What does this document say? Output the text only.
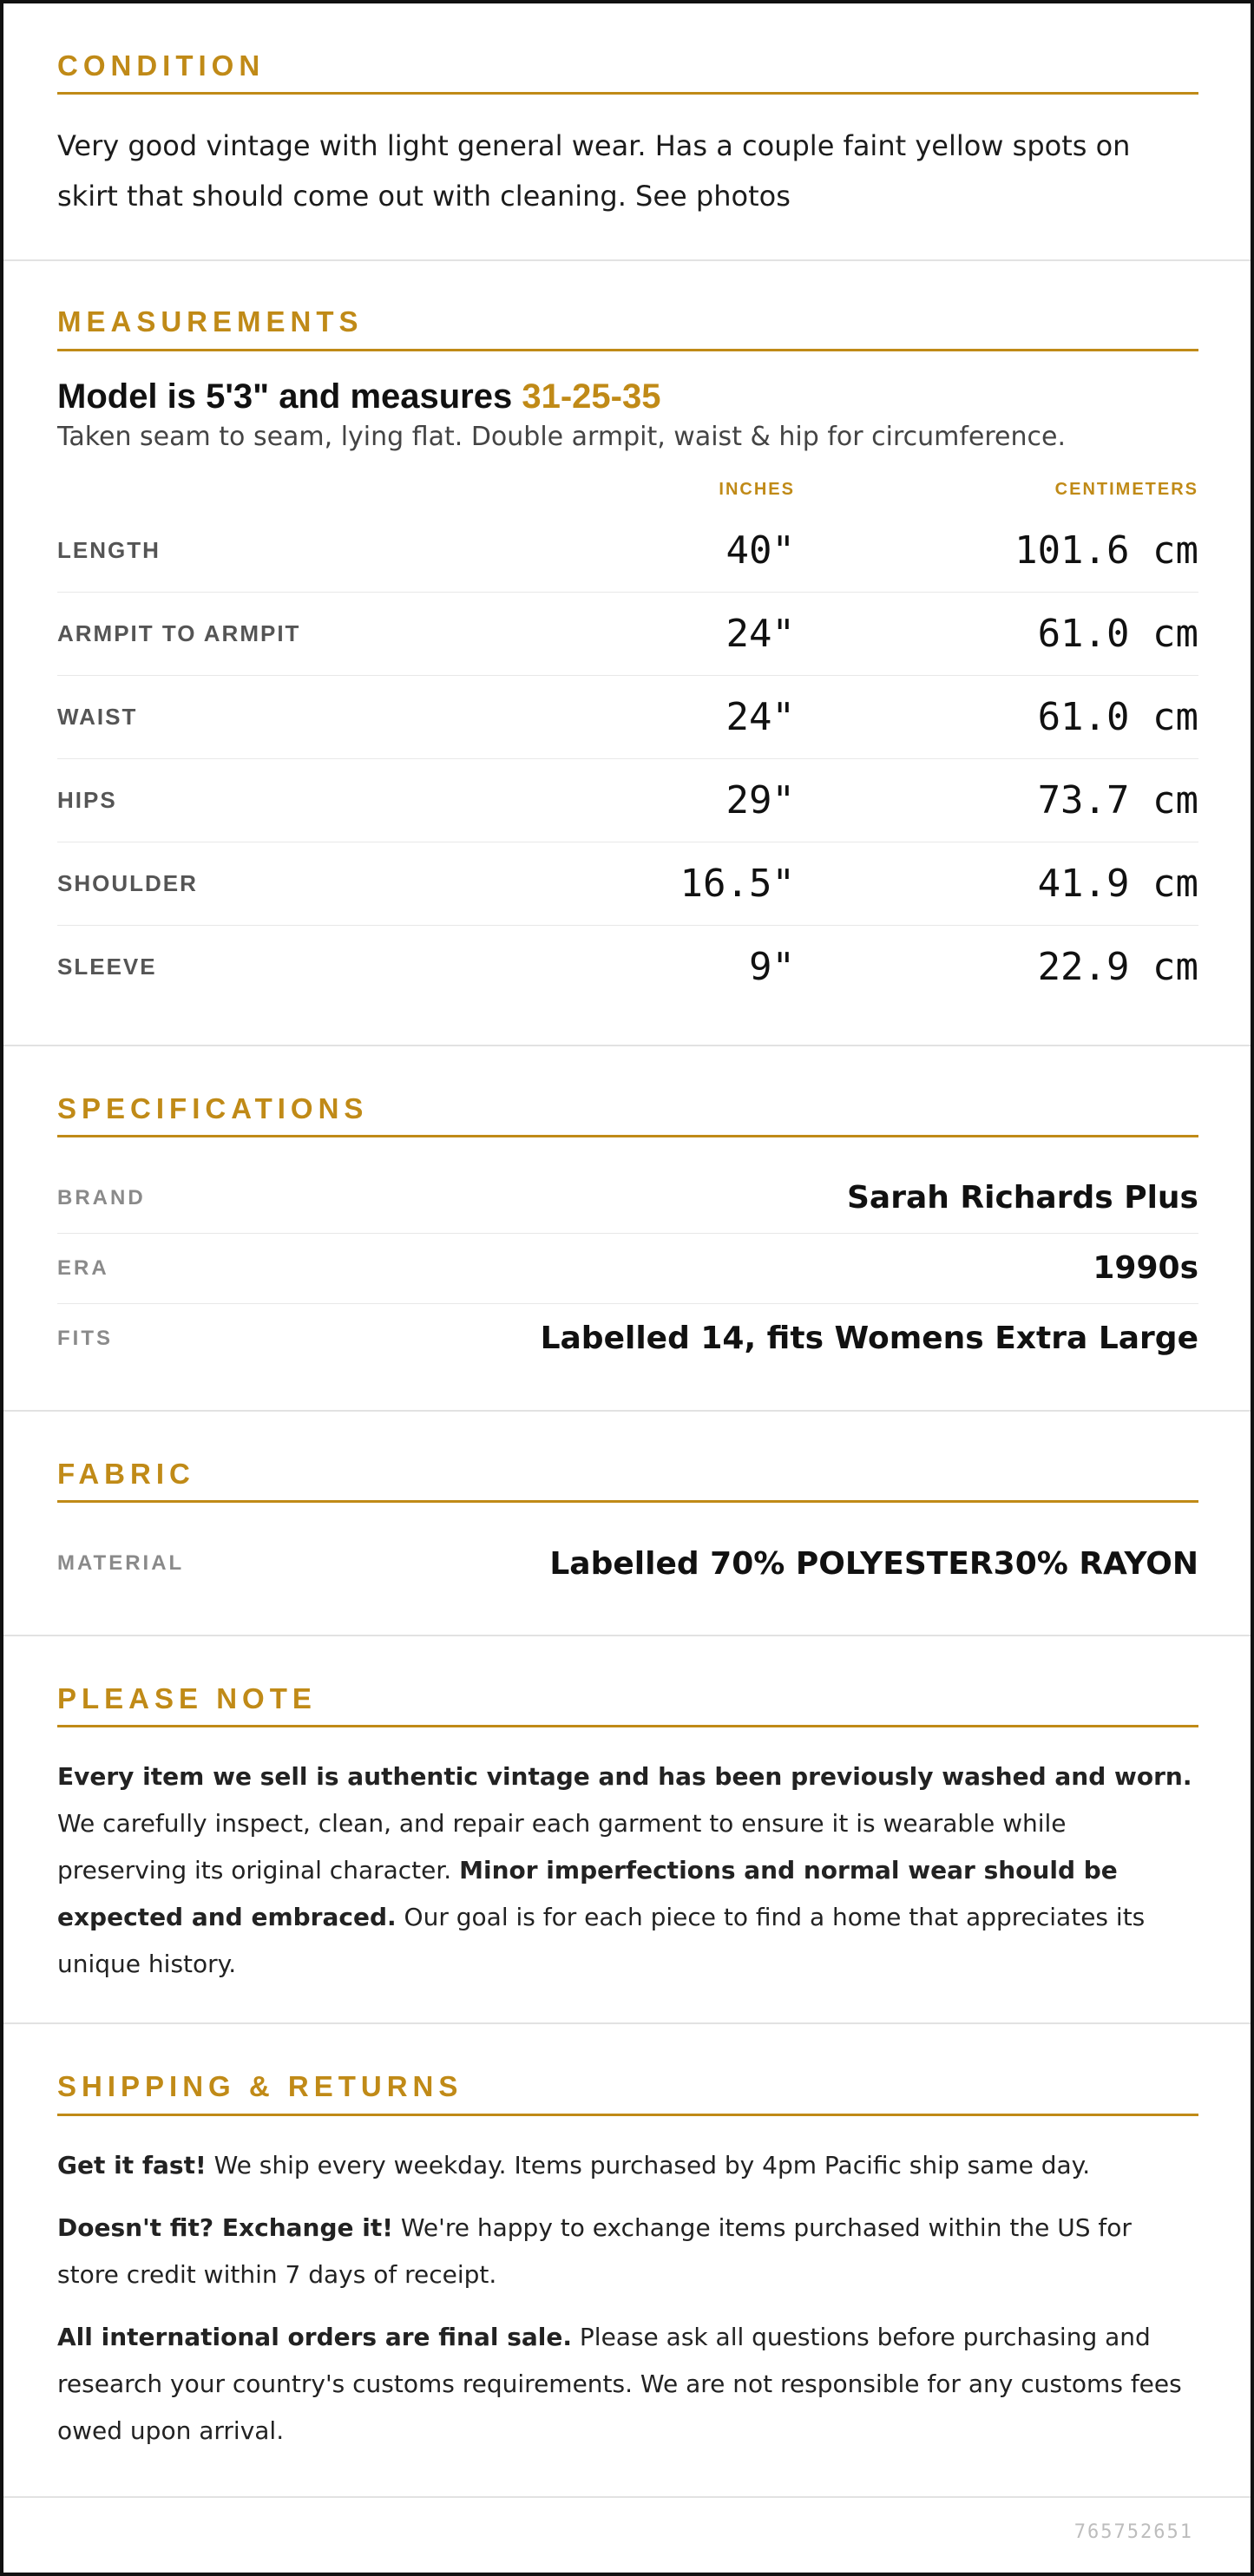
CONDITION
Very good vintage with light general wear. Has a couple faint yellow spots on skirt that should come out with cleaning. See photos
MEASUREMENTS
Model is 5'3" and measures 31-25-35
Taken seam to seam, lying flat. Double armpit, waist & hip for circumference.
INCHES	CENTIMETERS
LENGTH	40"	101.6 cm
ARMPIT TO ARMPIT	24"	61.0 cm
WAIST	24"	61.0 cm
HIPS	29"	73.7 cm
SHOULDER	16.5"	41.9 cm
SLEEVE	9"	22.9 cm
SPECIFICATIONS
BRAND	Sarah Richards Plus
ERA	1990s
FITS	Labelled 14, fits Womens Extra Large
FABRIC
MATERIAL	Labelled 70% POLYESTER30% RAYON
PLEASE NOTE
Every item we sell is authentic vintage and has been previously washed and worn. We carefully inspect, clean, and repair each garment to ensure it is wearable while preserving its original character. Minor imperfections and normal wear should be expected and embraced. Our goal is for each piece to find a home that appreciates its unique history.
SHIPPING & RETURNS

Get it fast! We ship every weekday. Items purchased by 4pm Pacific ship same day.

Doesn't fit? Exchange it! We're happy to exchange items purchased within the US for store credit within 7 days of receipt.

All international orders are final sale. Please ask all questions before purchasing and research your country's customs requirements. We are not responsible for any customs fees owed upon arrival.

765752651
